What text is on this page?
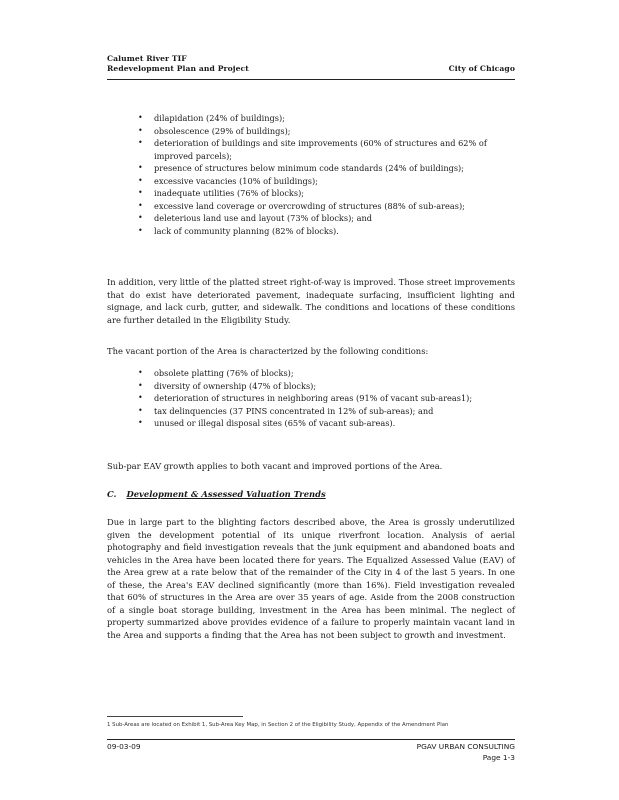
Calumet River TIF
Redevelopment Plan and Project	City of Chicago
• dilapidation (24% of buildings);
• obsolescence (29% of buildings);
• deterioration of buildings and site improvements (60% of structures and 62% of improved parcels);
• presence of structures below minimum code standards (24% of buildings);
• excessive vacancies (10% of buildings);
• inadequate utilities (76% of blocks);
• excessive land coverage or overcrowding of structures (88% of sub-areas);
• deleterious land use and layout (73% of blocks); and
• lack of community planning (82% of blocks).

In addition, very little of the platted street right-of-way is improved. Those street improvements that do exist have deteriorated pavement, inadequate surfacing, insufficient lighting and signage, and lack curb, gutter, and sidewalk. The conditions and locations of these conditions are further detailed in the Eligibility Study.

The vacant portion of the Area is characterized by the following conditions:

• obsolete platting (76% of blocks);
• diversity of ownership (47% of blocks);
• deterioration of structures in neighboring areas (91% of vacant sub-areas1);
• tax delinquencies (37 PINS concentrated in 12% of sub-areas); and
• unused or illegal disposal sites (65% of vacant sub-areas).

Sub-par EAV growth applies to both vacant and improved portions of the Area.

C. Development & Assessed Valuation Trends

Due in large part to the blighting factors described above, the Area is grossly underutilized given the development potential of its unique riverfront location. Analysis of aerial photography and field investigation reveals that the junk equipment and abandoned boats and vehicles in the Area have been located there for years. The Equalized Assessed Value (EAV) of the Area grew at a rate below that of the remainder of the City in 4 of the last 5 years. In one of these, the Area's EAV declined significantly (more than 16%). Field investigation revealed that 60% of structures in the Area are over 35 years of age. Aside from the 2008 construction of a single boat storage building, investment in the Area has been minimal. The neglect of property summarized above provides evidence of a failure to properly maintain vacant land in the Area and supports a finding that the Area has not been subject to growth and investment.

1 Sub-Areas are located on Exhibit 1, Sub-Area Key Map, in Section 2 of the Eligibility Study, Appendix of the Amendment Plan
09-03-09	PGAV URBAN CONSULTING
Page 1-3
